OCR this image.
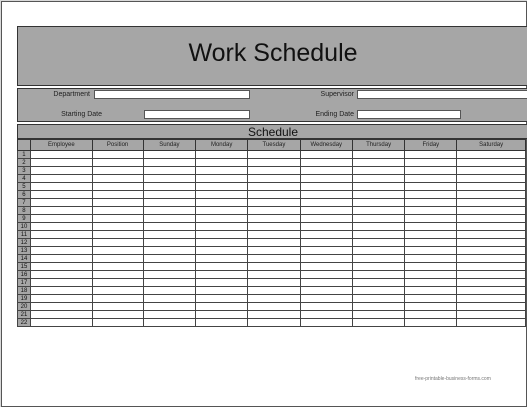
Work Schedule
Department	Supervisor
Starting Date	Ending Date
Schedule
	Employee	Position	Sunday	Monday	Tuesday	Wednesday	Thursday	Friday	Saturday
1									
2									
3									
4									
5									
6									
7									
8									
9									
10									
11									
12									
13									
14									
15									
16									
17									
18									
19									
20									
21									
22									
free-printable-business-forms.com
